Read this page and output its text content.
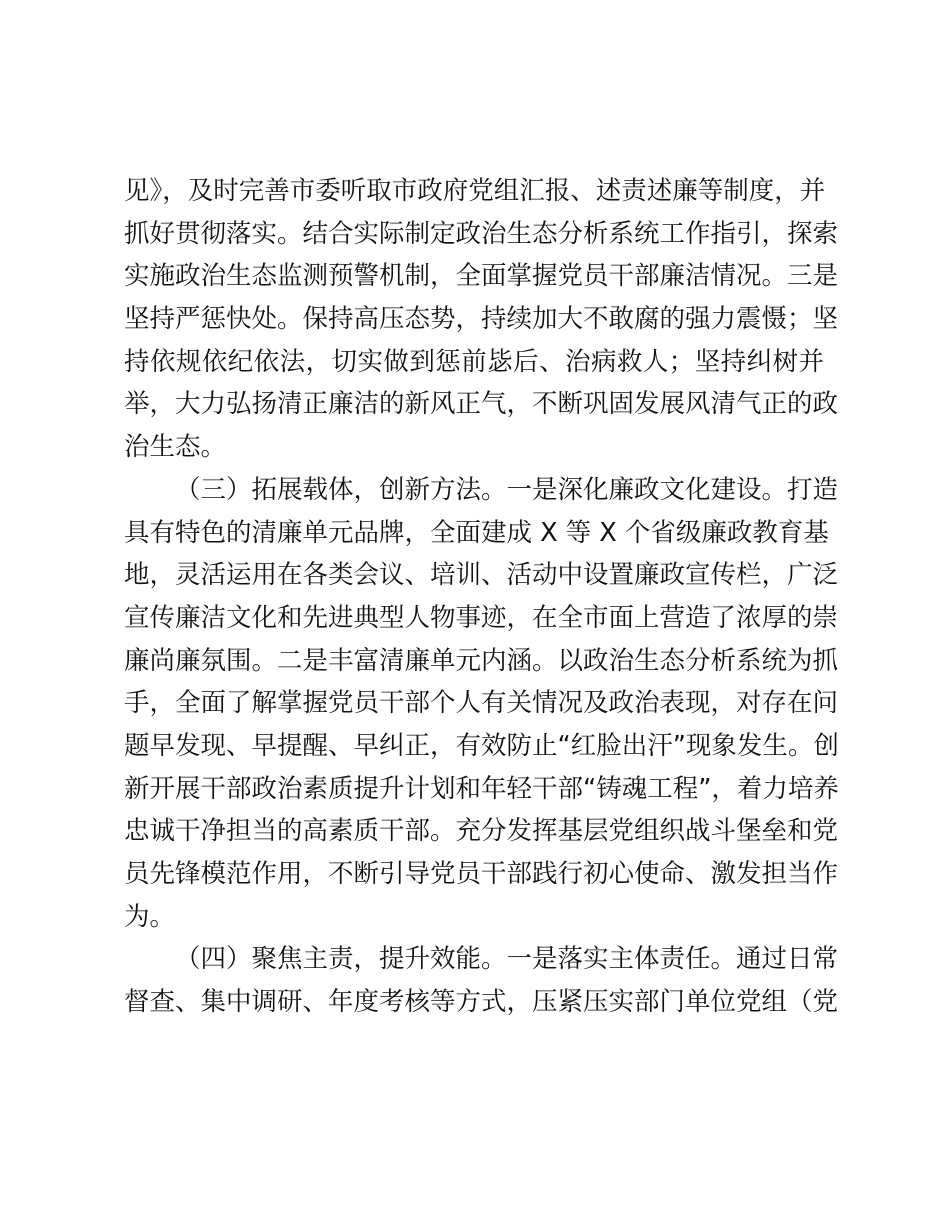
见》，及时完善市委听取市政府党组汇报、述责述廉等制度，并
抓好贯彻落实。结合实际制定政治生态分析系统工作指引，探索
实施政治生态监测预警机制，全面掌握党员干部廉洁情况。三是
坚持严惩快处。保持高压态势，持续加大不敢腐的强力震慑；坚
持依规依纪依法，切实做到惩前毖后、治病救人；坚持纠树并
举，大力弘扬清正廉洁的新风正气，不断巩固发展风清气正的政
治生态。
（三）拓展载体，创新方法。一是深化廉政文化建设。打造
具有特色的清廉单元品牌，全面建成 X 等 X 个省级廉政教育基
地，灵活运用在各类会议、培训、活动中设置廉政宣传栏，广泛
宣传廉洁文化和先进典型人物事迹，在全市面上营造了浓厚的崇
廉尚廉氛围。二是丰富清廉单元内涵。以政治生态分析系统为抓
手，全面了解掌握党员干部个人有关情况及政治表现，对存在问
题早发现、早提醒、早纠正，有效防止“红脸出汗”现象发生。创
新开展干部政治素质提升计划和年轻干部“铸魂工程”，着力培养
忠诚干净担当的高素质干部。充分发挥基层党组织战斗堡垒和党
员先锋模范作用，不断引导党员干部践行初心使命、激发担当作
为。
（四）聚焦主责，提升效能。一是落实主体责任。通过日常
督查、集中调研、年度考核等方式，压紧压实部门单位党组（党
